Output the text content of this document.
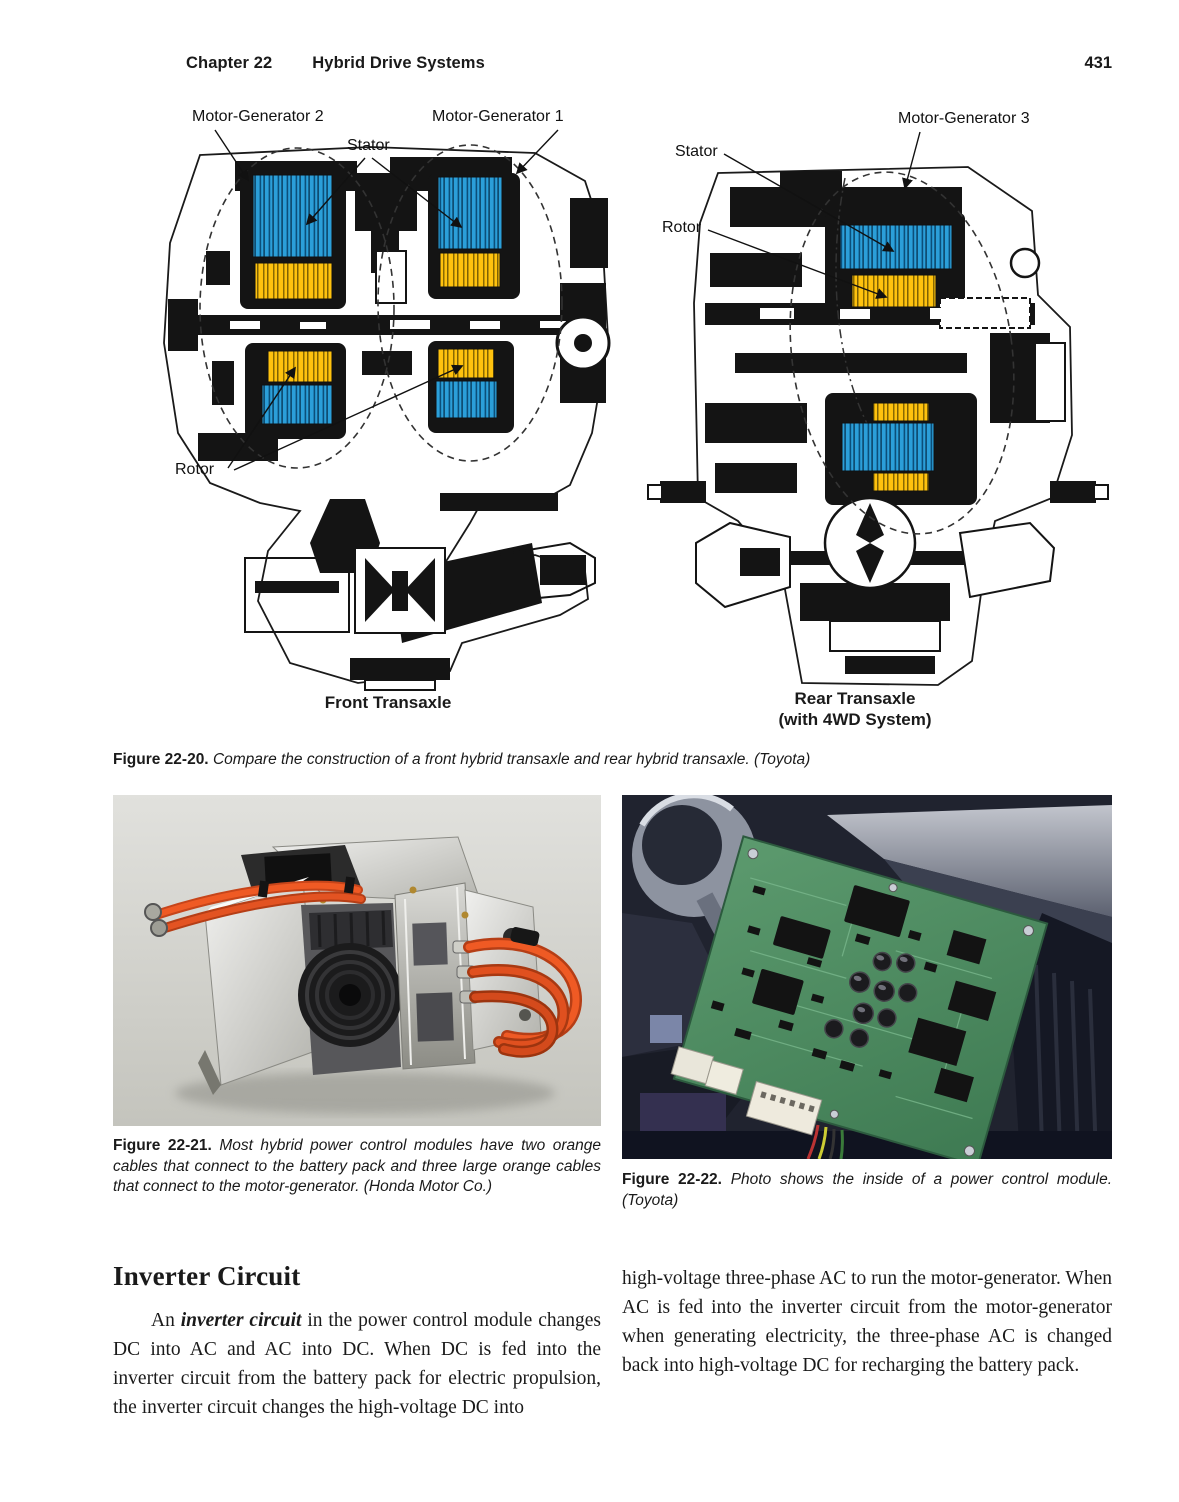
Chapter 22 Hybrid Drive Systems	431
Motor-Generator 2	Motor-Generator 1
Stator
Rotor
Motor-Generator 3
Stator
Rotor
Front Transaxle	Rear Transaxle
(with 4WD System)
Figure 22-20. Compare the construction of a front hybrid transaxle and rear hybrid transaxle. (Toyota)
Figure 22-21. Most hybrid power control modules have two orange cables that connect to the battery pack and three large orange cables that connect to the motor-generator. (Honda Motor Co.)	Figure 22-22. Photo shows the inside of a power control module. (Toyota)
Inverter Circuit

An inverter circuit in the power control module changes DC into AC and AC into DC. When DC is fed into the inverter circuit from the battery pack for electric propulsion, the inverter circuit changes the high-voltage DC into

high-voltage three-phase AC to run the motor-generator. When AC is fed into the inverter circuit from the motor-generator when generating electricity, the three-phase AC is changed back into high-voltage DC for recharging the battery pack.
